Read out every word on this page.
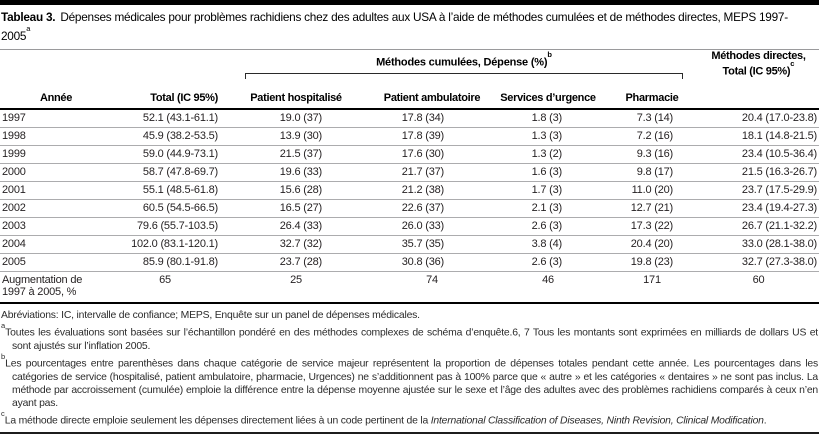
Tableau 3. Dépenses médicales pour problèmes rachidiens chez des adultes aux USA à l’aide de méthodes cumulées et de méthodes directes, MEPS 1997-2005$^a$

		Méthodes cumulées, Dépense (%)$^b$				Méthodes directes,
Total (IC 95%)$^c$
Année	Total (IC 95%)	Patient hospitalisé	Patient ambulatoire	Services d’urgence	Pharmacie	
1997	52.1 (43.1-61.1)	19.0 (37)	17.8 (34)	1.8 (3)	7.3 (14)	20.4 (17.0-23.8)
1998	45.9 (38.2-53.5)	13.9 (30)	17.8 (39)	1.3 (3)	7.2 (16)	18.1 (14.8-21.5)
1999	59.0 (44.9-73.1)	21.5 (37)	17.6 (30)	1.3 (2)	9.3 (16)	23.4 (10.5-36.4)
2000	58.7 (47.8-69.7)	19.6 (33)	21.7 (37)	1.6 (3)	9.8 (17)	21.5 (16.3-26.7)
2001	55.1 (48.5-61.8)	15.6 (28)	21.2 (38)	1.7 (3)	11.0 (20)	23.7 (17.5-29.9)
2002	60.5 (54.5-66.5)	16.5 (27)	22.6 (37)	2.1 (3)	12.7 (21)	23.4 (19.4-27.3)
2003	79.6 (55.7-103.5)	26.4 (33)	26.0 (33)	2.6 (3)	17.3 (22)	26.7 (21.1-32.2)
2004	102.0 (83.1-120.1)	32.7 (32)	35.7 (35)	3.8 (4)	20.4 (20)	33.0 (28.1-38.0)
2005	85.9 (80.1-91.8)	23.7 (28)	30.8 (36)	2.6 (3)	19.8 (23)	32.7 (27.3-38.0)
Augmentation de
1997 à 2005, %	65	25	74	46	171	60

Abréviations: IC, intervalle de confiance; MEPS, Enquête sur un panel de dépenses médicales.

$^a$Toutes les évaluations sont basées sur l’échantillon pondéré en des méthodes complexes de schéma d’enquête.6, 7 Tous les montants sont exprimées en milliards de dollars US et sont ajustés sur l’inflation 2005.

$^b$Les pourcentages entre parenthèses dans chaque catégorie de service majeur représentent la proportion de dépenses totales pendant cette année. Les pourcentages dans les catégories de service (hospitalisé, patient ambulatoire, pharmacie, Urgences) ne s’additionnent pas à 100% parce que « autre » et les catégories « dentaires » ne sont pas inclus. La méthode par accroissement (cumulée) emploie la différence entre la dépense moyenne ajustée sur le sexe et l’âge des adultes avec des problèmes rachidiens comparés à ceux n’en ayant pas.

$^c$La méthode directe emploie seulement les dépenses directement liées à un code pertinent de la International Classification of Diseases, Ninth Revision, Clinical Modification.
